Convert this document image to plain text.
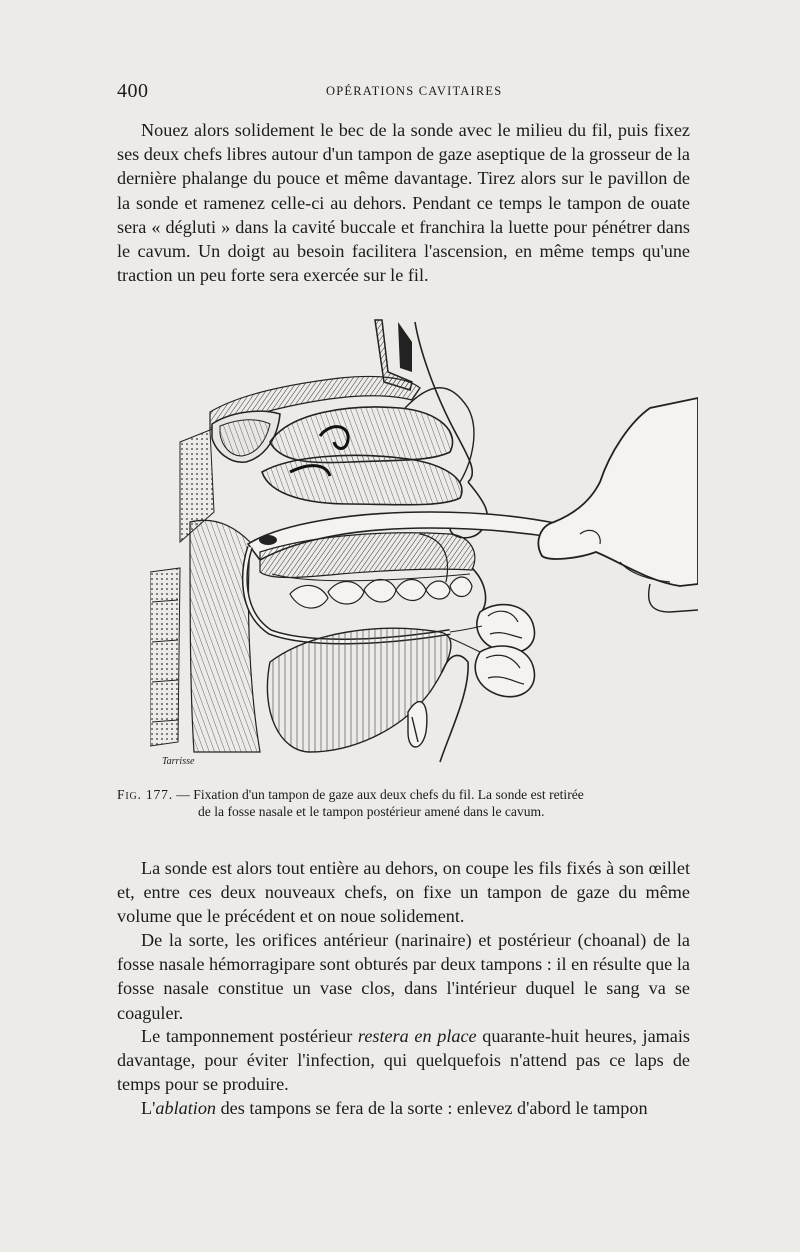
400	OPÉRATIONS CAVITAIRES

Nouez alors solidement le bec de la sonde avec le milieu du fil, puis fixez ses deux chefs libres autour d'un tampon de gaze aseptique de la grosseur de la dernière phalange du pouce et même davantage. Tirez alors sur le pavillon de la sonde et ramenez celle-ci au dehors. Pendant ce temps le tampon de ouate sera « dégluti » dans la cavité buccale et franchira la luette pour pénétrer dans le cavum. Un doigt au besoin facilitera l'ascension, en même temps qu'une traction un peu forte sera exercée sur le fil.

Tarrisse
Fig. 177. — Fixation d'un tampon de gaze aux deux chefs du fil. La sonde est retirée
de la fosse nasale et le tampon postérieur amené dans le cavum.

La sonde est alors tout entière au dehors, on coupe les fils fixés à son œillet et, entre ces deux nouveaux chefs, on fixe un tampon de gaze du même volume que le précédent et on noue solidement.

De la sorte, les orifices antérieur (narinaire) et postérieur (choanal) de la fosse nasale hémorragipare sont obturés par deux tampons : il en résulte que la fosse nasale constitue un vase clos, dans l'intérieur duquel le sang va se coaguler.

Le tamponnement postérieur restera en place quarante-huit heures, jamais davantage, pour éviter l'infection, qui quelquefois n'attend pas ce laps de temps pour se produire.

L'ablation des tampons se fera de la sorte : enlevez d'abord le tampon
